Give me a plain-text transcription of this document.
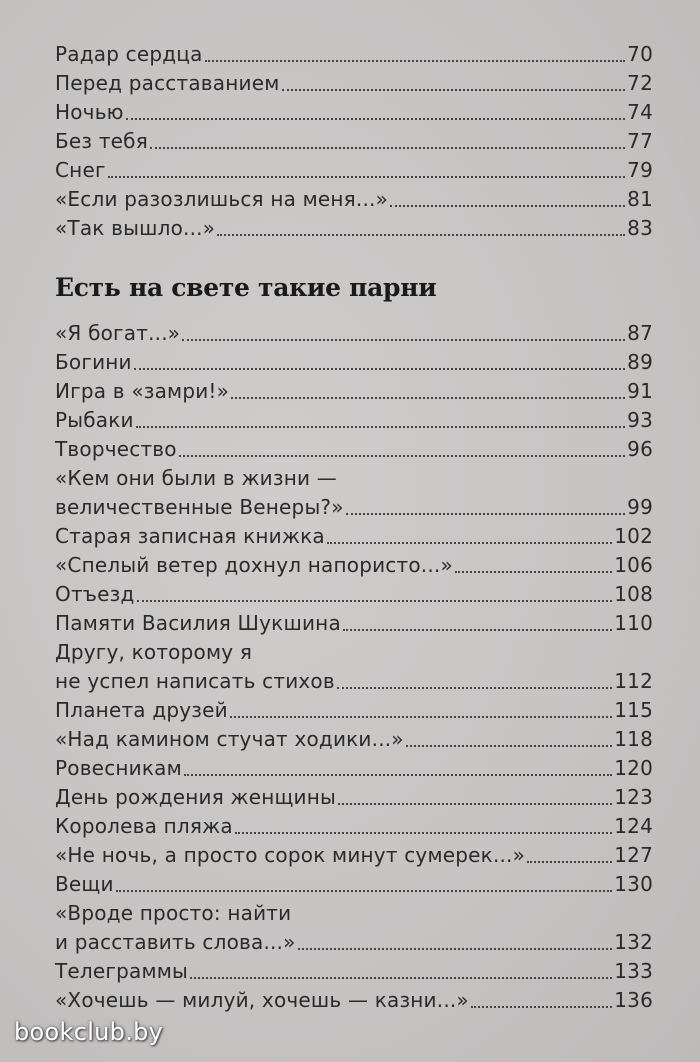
Радар сердца	70
Перед расставанием	72
Ночью	74
Без тебя	77
Снег	79
«Если разозлишься на меня...»	81
«Так вышло...»	83
Есть на свете такие парни
«Я богат...»	87
Богини	89
Игра в «замри!»	91
Рыбаки	93
Творчество	96
«Кем они были в жизни —
величественные Венеры?»	99
Старая записная книжка	102
«Спелый ветер дохнул напористо...»	106
Отъезд	108
Памяти Василия Шукшина	110
Другу, которому я
не успел написать стихов	112
Планета друзей	115
«Над камином стучат ходики...»	118
Ровесникам	120
День рождения женщины	123
Королева пляжа	124
«Не ночь, а просто сорок минут сумерек...»	127
Вещи	130
«Вроде просто: найти
и расставить слова...»	132
Телеграммы	133
«Хочешь — милуй, хочешь — казни...»	136
bookclub.by
